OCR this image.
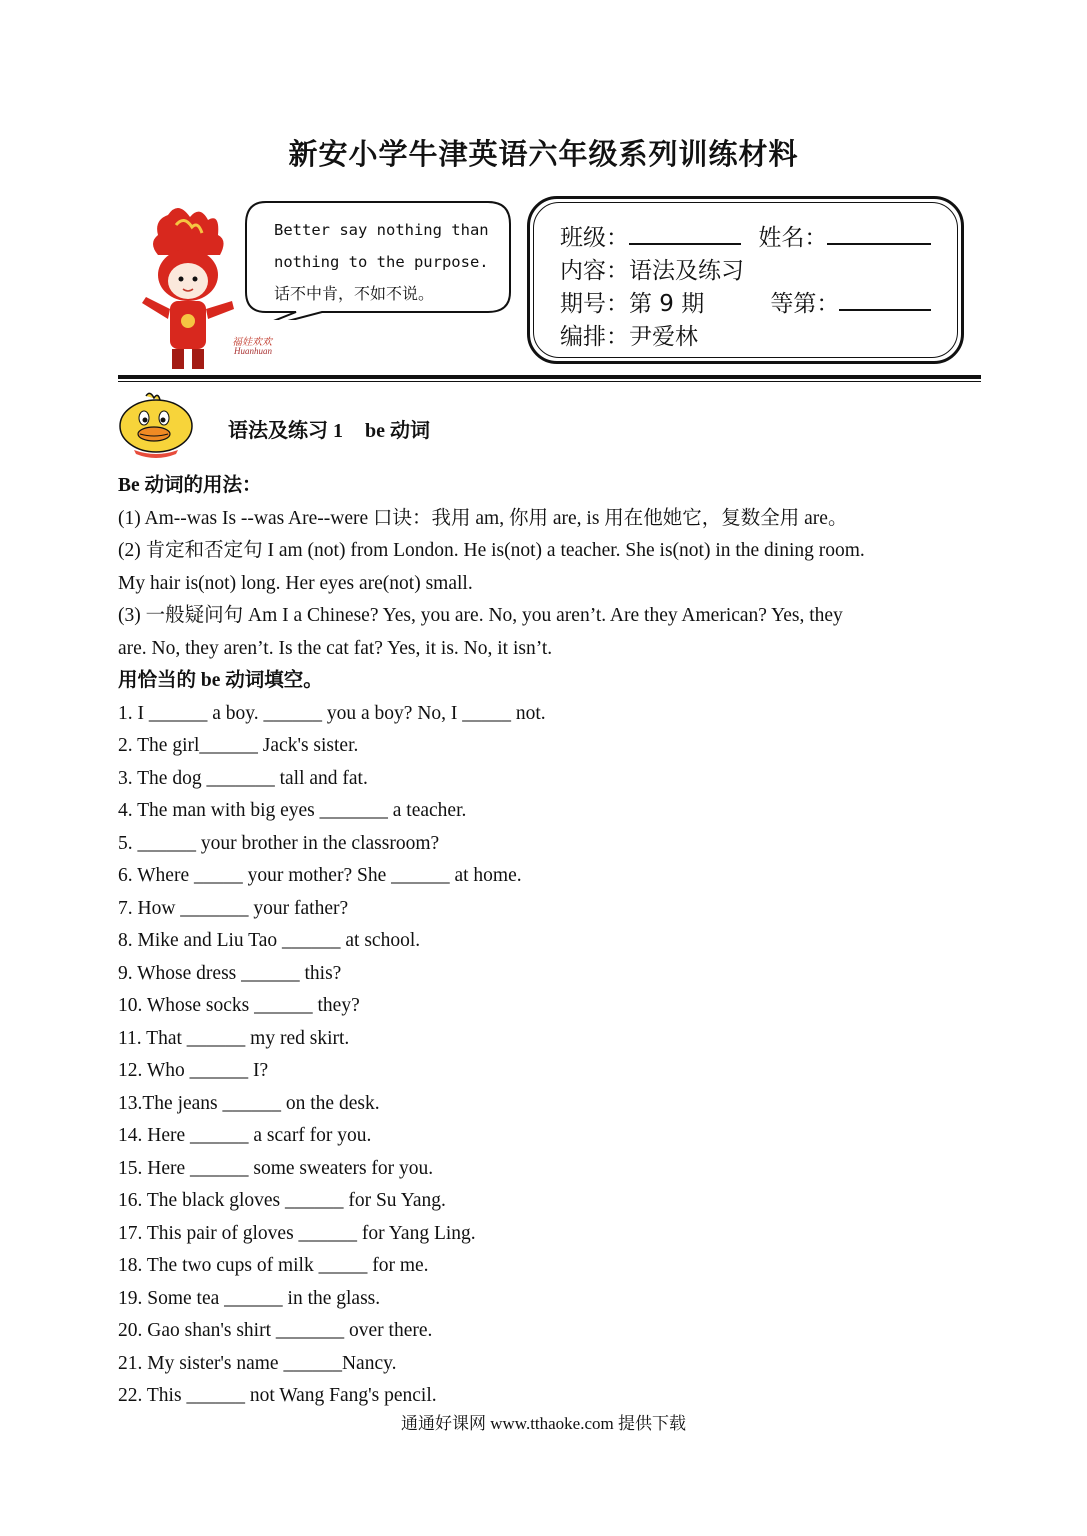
新安小学牛津英语六年级系列训练材料
福娃欢欢
Huanhuan
Better say nothing than
nothing to the purpose.
话不中肯，不如不说。
班级：	姓名：
内容：语法及练习
期号：第 9 期	等第：
编排：尹爱林
语法及练习 1 be 动词

Be 动词的用法：

(1) Am--was Is --was Are--were 口诀：我用 am, 你用 are, is 用在他她它，复数全用 are。

(2) 肯定和否定句 I am (not) from London. He is(not) a teacher. She is(not) in the dining room.

My hair is(not) long. Her eyes are(not) small.

(3) 一般疑问句 Am I a Chinese? Yes, you are. No, you aren’t. Are they American? Yes, they

are. No, they aren’t. Is the cat fat? Yes, it is. No, it isn’t.

用恰当的 be 动词填空。

1. I ______ a boy. ______ you a boy? No, I _____ not.

2. The girl______ Jack's sister.

3. The dog _______ tall and fat.

4. The man with big eyes _______ a teacher.

5. ______ your brother in the classroom?

6. Where _____ your mother? She ______ at home.

7. How _______ your father?

8. Mike and Liu Tao ______ at school.

9. Whose dress ______ this?

10. Whose socks ______ they?

11. That ______ my red skirt.

12. Who ______ I?

13.The jeans ______ on the desk.

14. Here ______ a scarf for you.

15. Here ______ some sweaters for you.

16. The black gloves ______ for Su Yang.

17. This pair of gloves ______ for Yang Ling.

18. The two cups of milk _____ for me.

19. Some tea ______ in the glass.

20. Gao shan's shirt _______ over there.

21. My sister's name ______Nancy.

22. This ______ not Wang Fang's pencil.

通通好课网 www.tthaoke.com 提供下载
